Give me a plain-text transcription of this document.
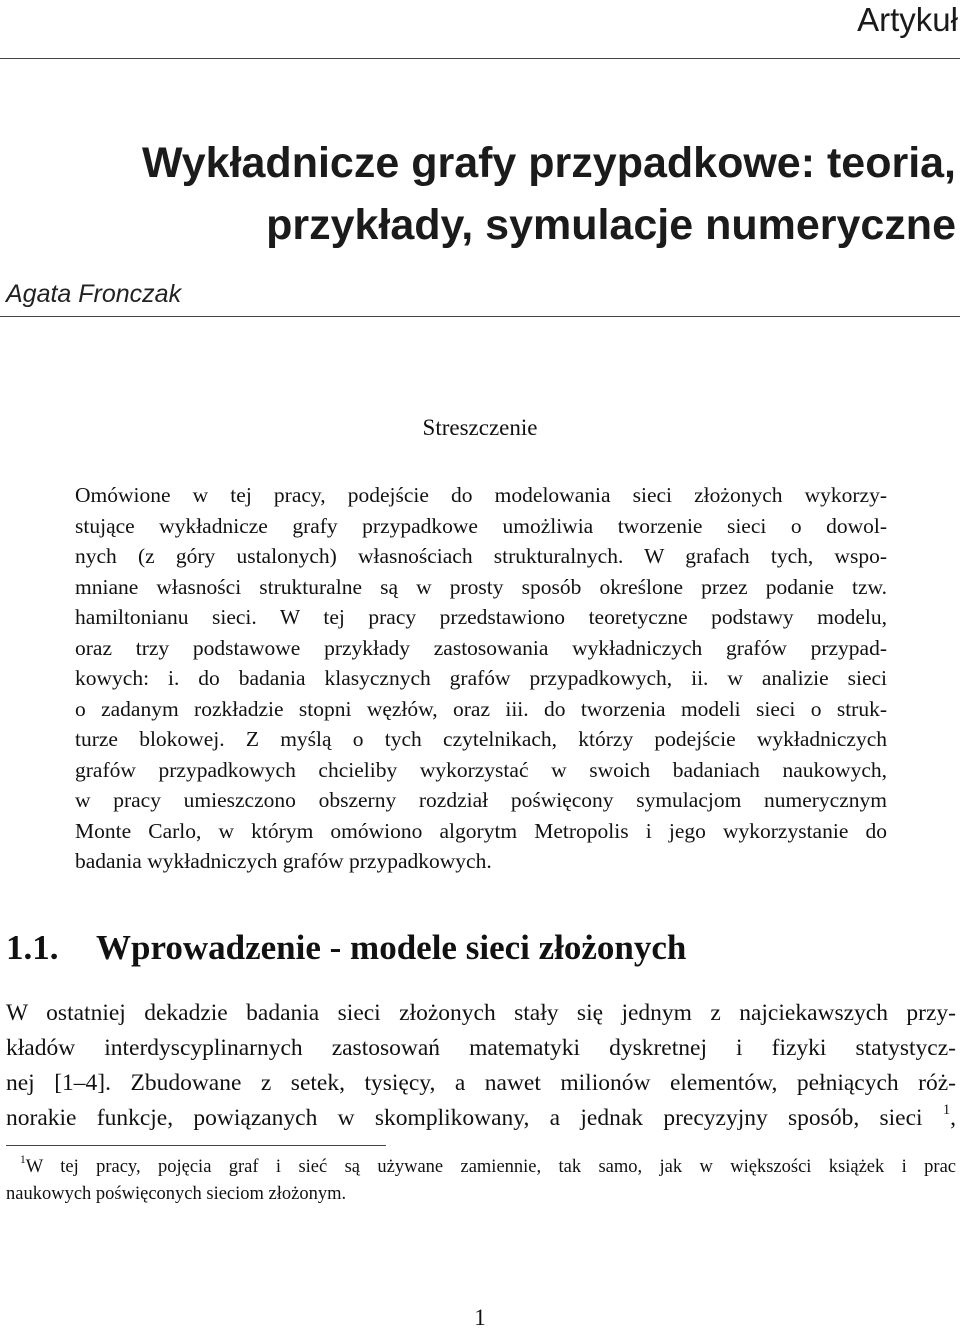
Artykuł
Wykładnicze grafy przypadkowe: teoria,
przykłady, symulacje numeryczne
Agata Fronczak
Streszczenie
Omówione w tej pracy, podejście do modelowania sieci złożonych wykorzy-
stujące wykładnicze grafy przypadkowe umożliwia tworzenie sieci o dowol-
nych (z góry ustalonych) własnościach strukturalnych. W grafach tych, wspo-
mniane własności strukturalne są w prosty sposób określone przez podanie tzw.
hamiltonianu sieci. W tej pracy przedstawiono teoretyczne podstawy modelu,
oraz trzy podstawowe przykłady zastosowania wykładniczych grafów przypad-
kowych: i. do badania klasycznych grafów przypadkowych, ii. w analizie sieci
o zadanym rozkładzie stopni węzłów, oraz iii. do tworzenia modeli sieci o struk-
turze blokowej. Z myślą o tych czytelnikach, którzy podejście wykładniczych
grafów przypadkowych chcieliby wykorzystać w swoich badaniach naukowych,
w pracy umieszczono obszerny rozdział poświęcony symulacjom numerycznym
Monte Carlo, w którym omówiono algorytm Metropolis i jego wykorzystanie do
badania wykładniczych grafów przypadkowych.
1.1. Wprowadzenie - modele sieci złożonych
W ostatniej dekadzie badania sieci złożonych stały się jednym z najciekawszych przy-
kładów interdyscyplinarnych zastosowań matematyki dyskretnej i fizyki statystycz-
nej [1–4]. Zbudowane z setek, tysięcy, a nawet milionów elementów, pełniących róż-
norakie funkcje, powiązanych w skomplikowany, a jednak precyzyjny sposób, sieci $^1$,
$^1$W tej pracy, pojęcia graf i sieć są używane zamiennie, tak samo, jak w większości książek i prac
naukowych poświęconych sieciom złożonym.
1
